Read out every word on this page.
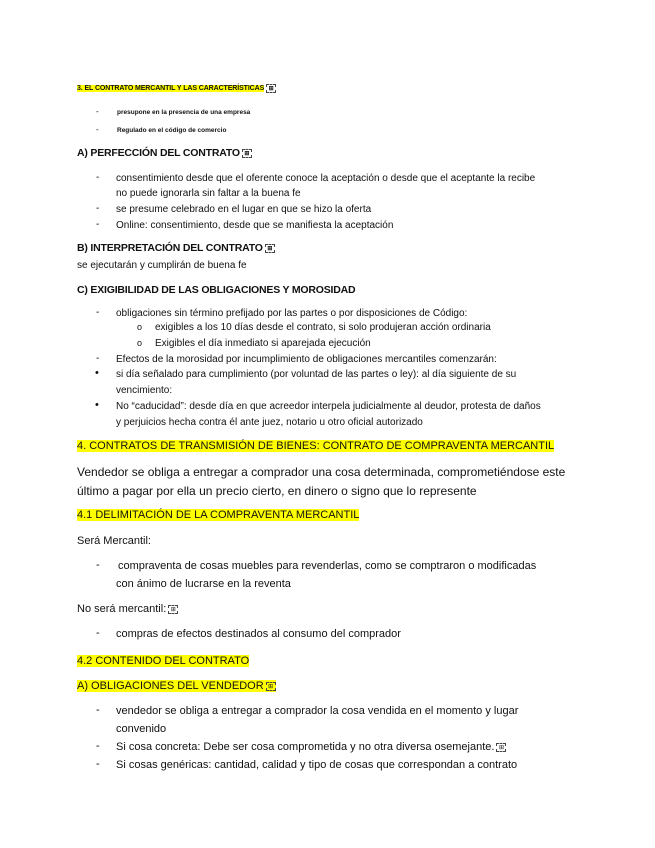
3. EL CONTRATO MERCANTIL Y LAS CARACTERÍSTICAS ⊞
-	presupone en la presencia de una empresa
-	Regulado en el código de comercio
A) PERFECCIÓN DEL CONTRATO ⊞
- consentimiento desde que el oferente conoce la aceptación o desde que el aceptante la recibe
no puede ignorarla sin faltar a la buena fe
- se presume celebrado en el lugar en que se hizo la oferta
- Online: consentimiento, desde que se manifiesta la aceptación
B) INTERPRETACIÓN DEL CONTRATO ⊞
se ejecutarán y cumplirán de buena fe
C) EXIGIBILIDAD DE LAS OBLIGACIONES Y MOROSIDAD
- obligaciones sin término prefijado por las partes o por disposiciones de Código:
o exigibles a los 10 días desde el contrato, si solo produjeran acción ordinaria
o Exigibles el día inmediato si aparejada ejecución
- Efectos de la morosidad por incumplimiento de obligaciones mercantiles comenzarán:
• si día señalado para cumplimiento (por voluntad de las partes o ley): al día siguiente de su
vencimiento:
• No “caducidad”: desde día en que acreedor interpela judicialmente al deudor, protesta de daños
y perjuicios hecha contra él ante juez, notario u otro oficial autorizado
4. CONTRATOS DE TRANSMISIÓN DE BIENES: CONTRATO DE COMPRAVENTA MERCANTIL
Vendedor se obliga a entregar a comprador una cosa determinada, comprometiéndose este
último a pagar por ella un precio cierto, en dinero o signo que lo represente
4.1 DELIMITACIÓN DE LA COMPRAVENTA MERCANTIL
Será Mercantil:
- compraventa de cosas muebles para revenderlas, como se comptraron o modificadas
con ánimo de lucrarse en la reventa
No será mercantil: ⊞
- compras de efectos destinados al consumo del comprador
4.2 CONTENIDO DEL CONTRATO
A) OBLIGACIONES DEL VENDEDOR ⊞
- vendedor se obliga a entregar a comprador la cosa vendida en el momento y lugar
convenido
- Si cosa concreta: Debe ser cosa comprometida y no otra diversa osemejante. ⊞
- Si cosas genéricas: cantidad, calidad y tipo de cosas que correspondan a contrato
